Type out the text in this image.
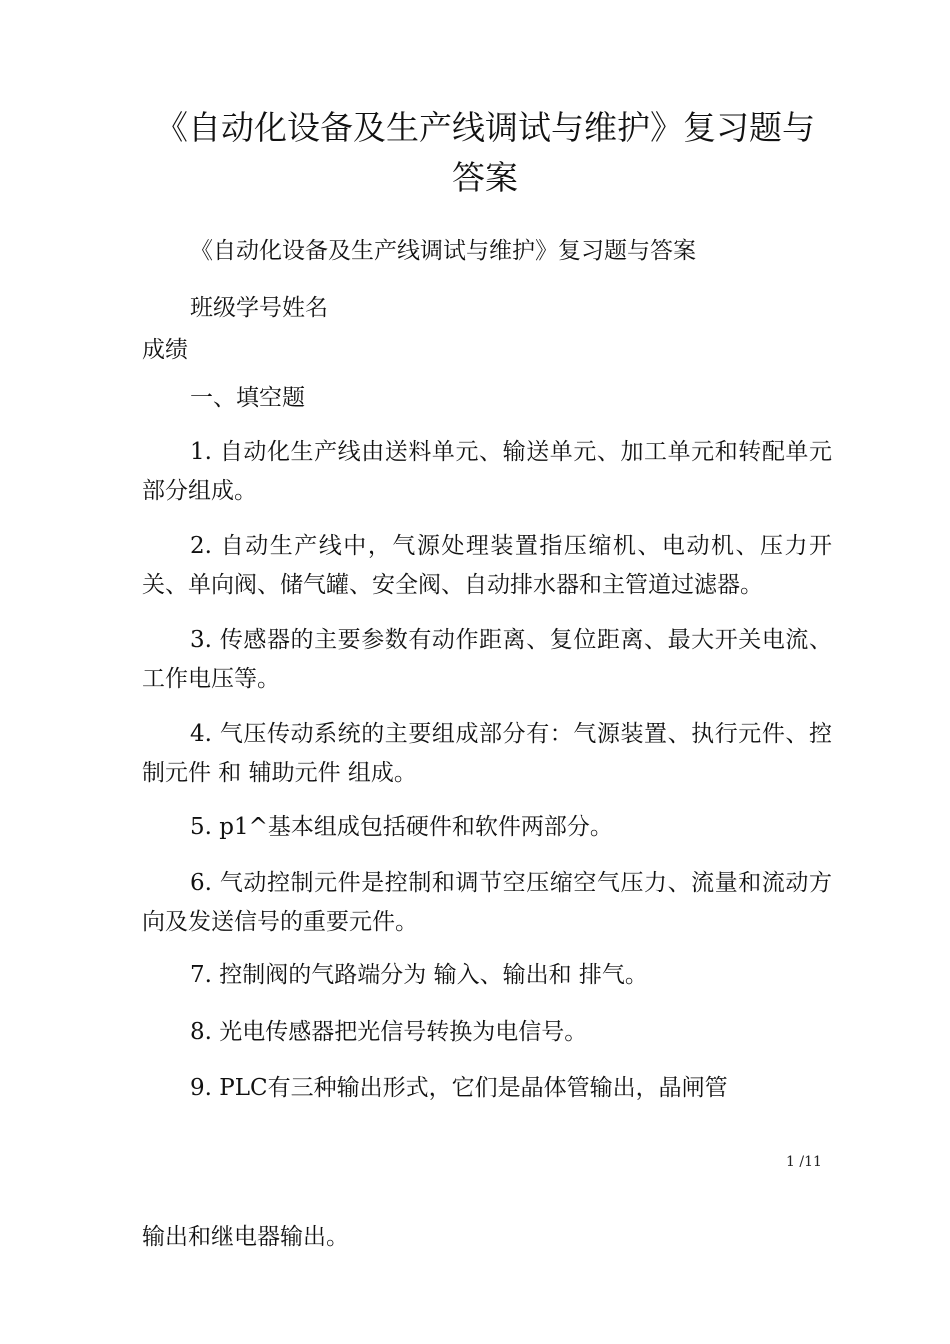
《自动化设备及生产线调试与维护》复习题与答案

《自动化设备及生产线调试与维护》复习题与答案

班级学号姓名

成绩

一、填空题

1. 自动化生产线由送料单元、输送单元、加工单元和转配单元部分组成。

2. 自动生产线中，气源处理装置指压缩机、电动机、压力开关、单向阀、储气罐、安全阀、自动排水器和主管道过滤器。

3. 传感器的主要参数有动作距离、复位距离、最大开关电流、工作电压等。

4. 气压传动系统的主要组成部分有：气源装置、执行元件、控制元件 和 辅助元件 组成。

5. p1^基本组成包括硬件和软件两部分。

6. 气动控制元件是控制和调节空压缩空气压力、流量和流动方向及发送信号的重要元件。

7. 控制阀的气路端分为 输入、输出和 排气。

8. 光电传感器把光信号转换为电信号。

9. PLC有三种输出形式，它们是晶体管输出，晶闸管

1 /11

输出和继电器输出。
